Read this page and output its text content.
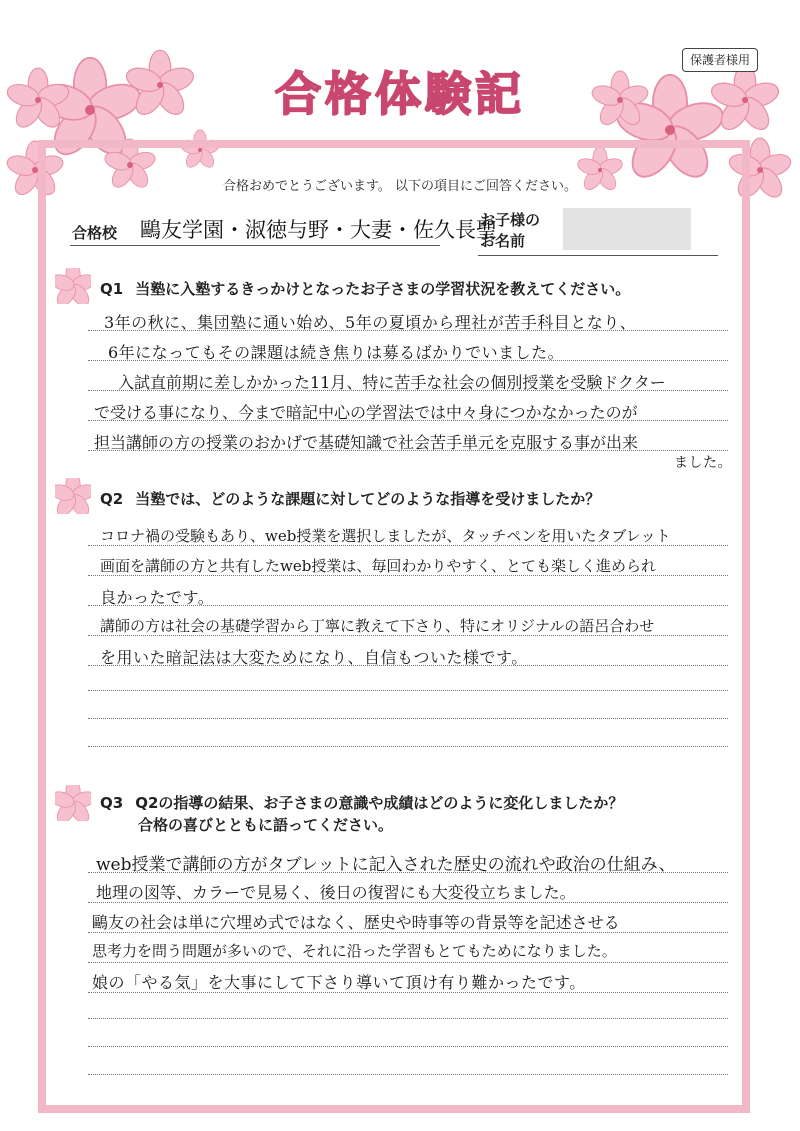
保護者様用
合格体験記
合格おめでとうございます。 以下の項目にご回答ください。
合格校 鷗友学園・淑徳与野・大妻・佐久長聖
お子様の
お名前
Q1 当塾に入塾するきっかけとなったお子さまの学習状況を教えてください。
3年の秋に、集団塾に通い始め、5年の夏頃から理社が苦手科目となり、
6年になってもその課題は続き焦りは募るばかりでいました。
入試直前期に差しかかった11月、特に苦手な社会の個別授業を受験ドクター
で受ける事になり、今まで暗記中心の学習法では中々身につかなかったのが
担当講師の方の授業のおかげで基礎知識で社会苦手単元を克服する事が出来
ました。
Q2 当塾では、どのような課題に対してどのような指導を受けましたか？
コロナ禍の受験もあり、web授業を選択しましたが、タッチペンを用いたタブレット
画面を講師の方と共有したweb授業は、毎回わかりやすく、とても楽しく進められ
良かったです。
講師の方は社会の基礎学習から丁寧に教えて下さり、特にオリジナルの語呂合わせ
を用いた暗記法は大変ためになり、自信もついた様です。
Q3 Q2の指導の結果、お子さまの意識や成績はどのように変化しましたか？
合格の喜びとともに語ってください。
web授業で講師の方がタブレットに記入された歴史の流れや政治の仕組み、
地理の図等、カラーで見易く、後日の復習にも大変役立ちました。
鷗友の社会は単に穴埋め式ではなく、歴史や時事等の背景等を記述させる
思考力を問う問題が多いので、それに沿った学習もとてもためになりました。
娘の「やる気」を大事にして下さり導いて頂け有り難かったです。
